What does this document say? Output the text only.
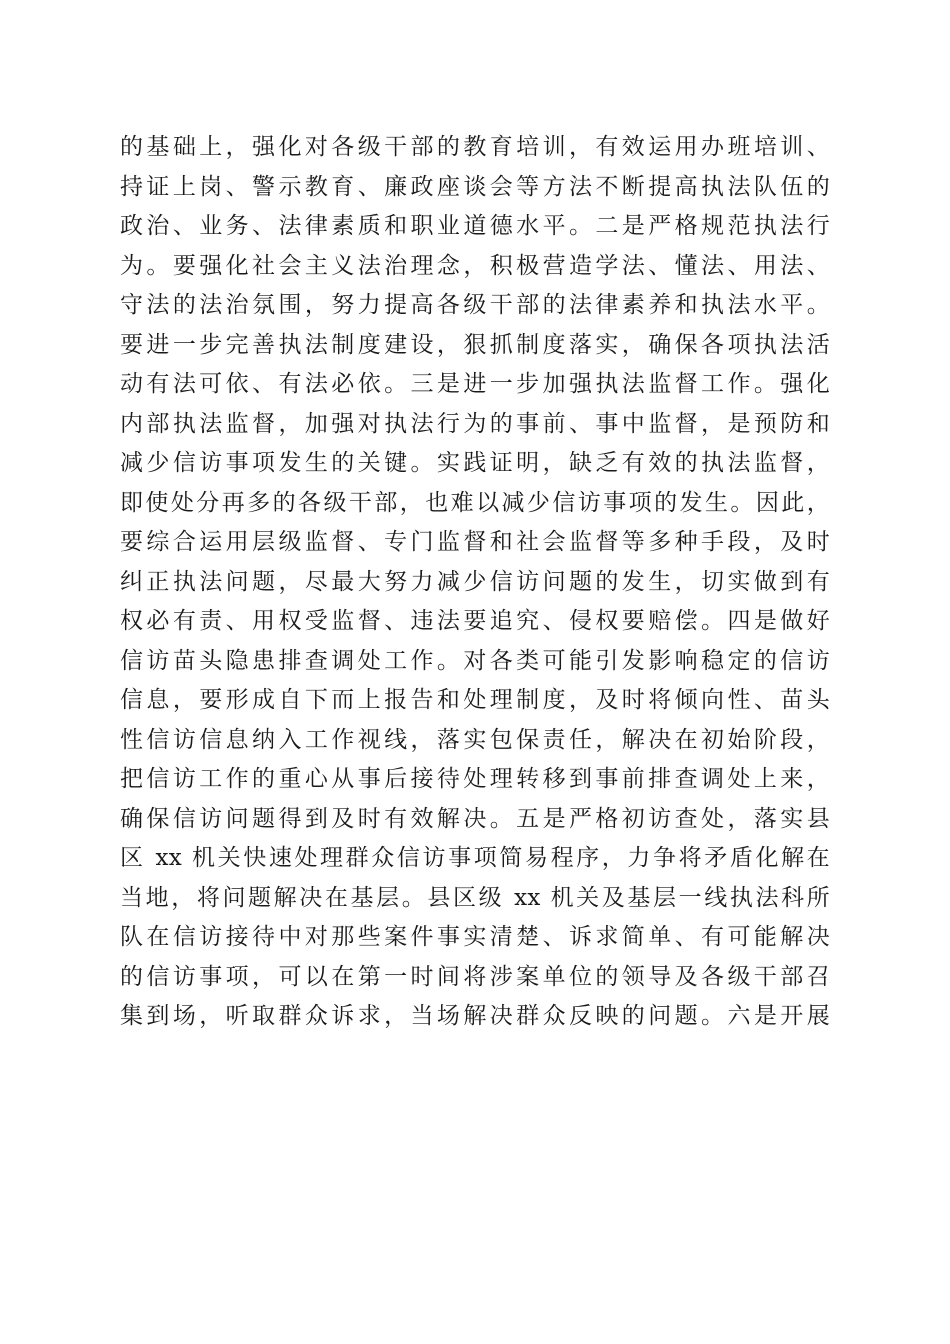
的基础上，强化对各级干部的教育培训，有效运用办班培训、
持证上岗、警示教育、廉政座谈会等方法不断提高执法队伍的
政治、业务、法律素质和职业道德水平。二是严格规范执法行
为。要强化社会主义法治理念，积极营造学法、懂法、用法、
守法的法治氛围，努力提高各级干部的法律素养和执法水平。
要进一步完善执法制度建设，狠抓制度落实，确保各项执法活
动有法可依、有法必依。三是进一步加强执法监督工作。强化
内部执法监督，加强对执法行为的事前、事中监督，是预防和
减少信访事项发生的关键。实践证明，缺乏有效的执法监督，
即使处分再多的各级干部，也难以减少信访事项的发生。因此，
要综合运用层级监督、专门监督和社会监督等多种手段，及时
纠正执法问题，尽最大努力减少信访问题的发生，切实做到有
权必有责、用权受监督、违法要追究、侵权要赔偿。四是做好
信访苗头隐患排查调处工作。对各类可能引发影响稳定的信访
信息，要形成自下而上报告和处理制度，及时将倾向性、苗头
性信访信息纳入工作视线，落实包保责任，解决在初始阶段，
把信访工作的重心从事后接待处理转移到事前排查调处上来，
确保信访问题得到及时有效解决。五是严格初访查处，落实县
区 xx 机关快速处理群众信访事项简易程序，力争将矛盾化解在
当地，将问题解决在基层。县区级 xx 机关及基层一线执法科所
队在信访接待中对那些案件事实清楚、诉求简单、有可能解决
的信访事项，可以在第一时间将涉案单位的领导及各级干部召
集到场，听取群众诉求，当场解决群众反映的问题。六是开展
